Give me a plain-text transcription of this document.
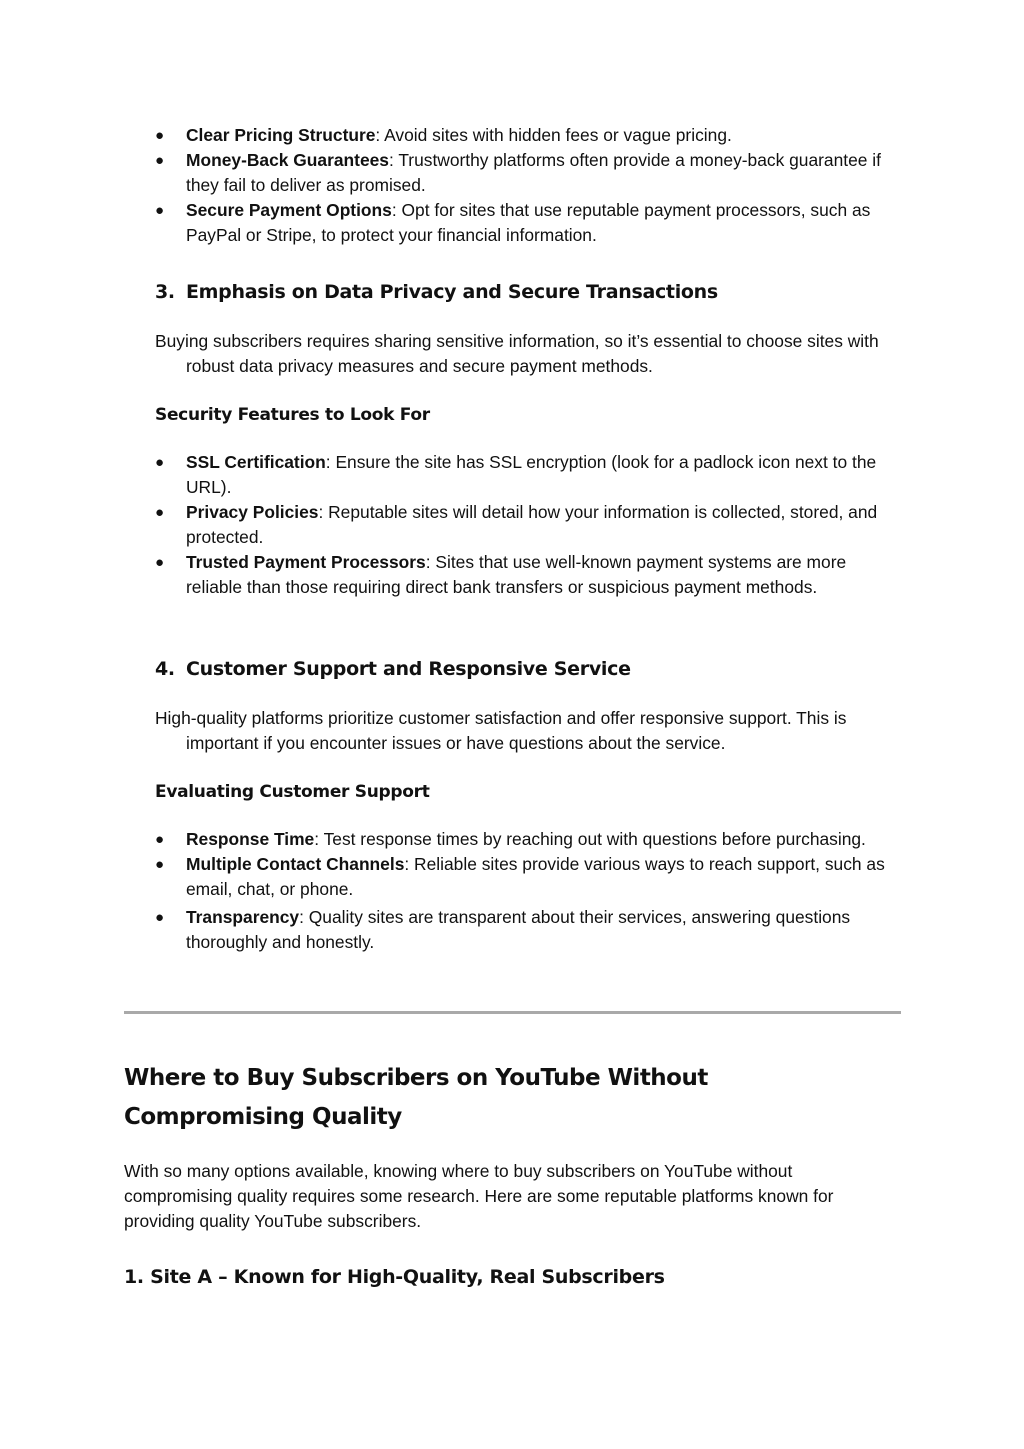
● Clear Pricing Structure: Avoid sites with hidden fees or vague pricing.
● Money-Back Guarantees: Trustworthy platforms often provide a money-back guarantee if they fail to deliver as promised.
● Secure Payment Options: Opt for sites that use reputable payment processors, such as PayPal or Stripe, to protect your financial information.
3. Emphasis on Data Privacy and Secure Transactions

Buying subscribers requires sharing sensitive information, so it’s essential to choose sites with robust data privacy measures and secure payment methods.

Security Features to Look For
● SSL Certification: Ensure the site has SSL encryption (look for a padlock icon next to the URL).
● Privacy Policies: Reputable sites will detail how your information is collected, stored, and protected.
● Trusted Payment Processors: Sites that use well-known payment systems are more reliable than those requiring direct bank transfers or suspicious payment methods.
4. Customer Support and Responsive Service

High-quality platforms prioritize customer satisfaction and offer responsive support. This is important if you encounter issues or have questions about the service.

Evaluating Customer Support
● Response Time: Test response times by reaching out with questions before purchasing.
● Multiple Contact Channels: Reliable sites provide various ways to reach support, such as email, chat, or phone.
● Transparency: Quality sites are transparent about their services, answering questions thoroughly and honestly.
Where to Buy Subscribers on YouTube Without Compromising Quality

With so many options available, knowing where to buy subscribers on YouTube without compromising quality requires some research. Here are some reputable platforms known for providing quality YouTube subscribers.

1. Site A – Known for High-Quality, Real Subscribers
